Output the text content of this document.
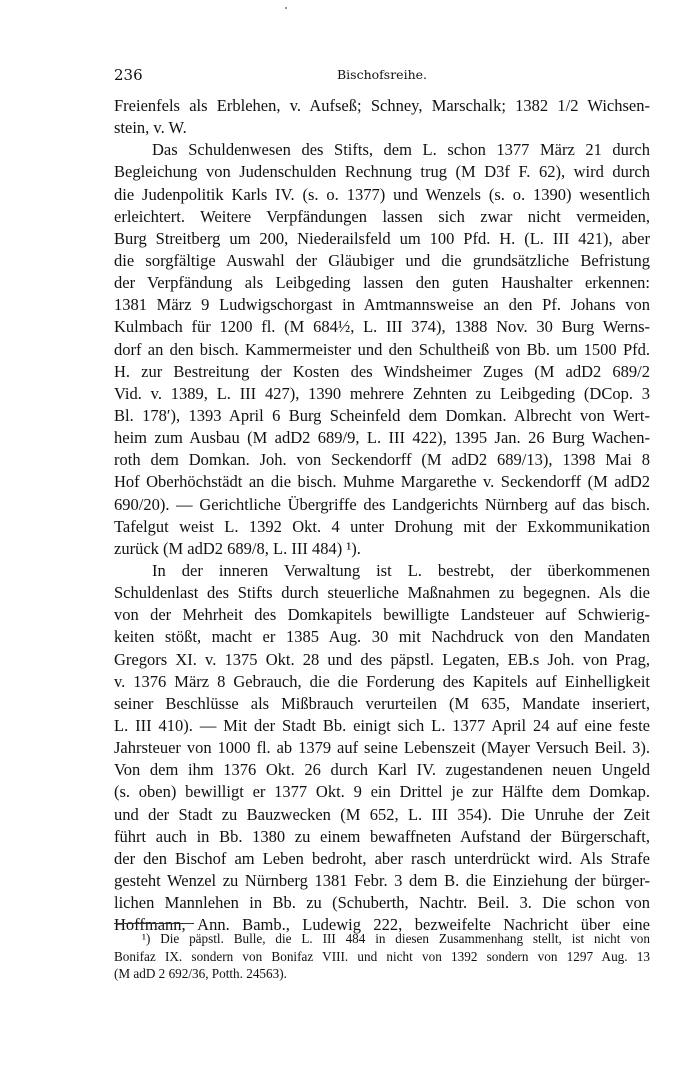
236	Bischofsreihe.
Freienfels als Erblehen, v. Aufseß; Schney, Marschalk; 1382 1/2 Wichsen-
stein, v. W.
Das Schuldenwesen des Stifts, dem L. schon 1377 März 21 durch
Begleichung von Judenschulden Rechnung trug (M D3f F. 62), wird durch
die Judenpolitik Karls IV. (s. o. 1377) und Wenzels (s. o. 1390) wesentlich
erleichtert. Weitere Verpfändungen lassen sich zwar nicht vermeiden,
Burg Streitberg um 200, Niederailsfeld um 100 Pfd. H. (L. III 421), aber
die sorgfältige Auswahl der Gläubiger und die grundsätzliche Befristung
der Verpfändung als Leibgeding lassen den guten Haushalter erkennen:
1381 März 9 Ludwigschorgast in Amtmannsweise an den Pf. Johans von
Kulmbach für 1200 fl. (M 684½, L. III 374), 1388 Nov. 30 Burg Werns-
dorf an den bisch. Kammermeister und den Schultheiß von Bb. um 1500 Pfd.
H. zur Bestreitung der Kosten des Windsheimer Zuges (M adD2 689/2
Vid. v. 1389, L. III 427), 1390 mehrere Zehnten zu Leibgeding (DCop. 3
Bl. 178′), 1393 April 6 Burg Scheinfeld dem Domkan. Albrecht von Wert-
heim zum Ausbau (M adD2 689/9, L. III 422), 1395 Jan. 26 Burg Wachen-
roth dem Domkan. Joh. von Seckendorff (M adD2 689/13), 1398 Mai 8
Hof Oberhöchstädt an die bisch. Muhme Margarethe v. Seckendorff (M adD2
690/20). — Gerichtliche Übergriffe des Landgerichts Nürnberg auf das bisch.
Tafelgut weist L. 1392 Okt. 4 unter Drohung mit der Exkommunikation
zurück (M adD2 689/8, L. III 484) ¹).
In der inneren Verwaltung ist L. bestrebt, der überkommenen
Schuldenlast des Stifts durch steuerliche Maßnahmen zu begegnen. Als die
von der Mehrheit des Domkapitels bewilligte Landsteuer auf Schwierig-
keiten stößt, macht er 1385 Aug. 30 mit Nachdruck von den Mandaten
Gregors XI. v. 1375 Okt. 28 und des päpstl. Legaten, EB.s Joh. von Prag,
v. 1376 März 8 Gebrauch, die die Forderung des Kapitels auf Einhelligkeit
seiner Beschlüsse als Mißbrauch verurteilen (M 635, Mandate inseriert,
L. III 410). — Mit der Stadt Bb. einigt sich L. 1377 April 24 auf eine feste
Jahrsteuer von 1000 fl. ab 1379 auf seine Lebenszeit (Mayer Versuch Beil. 3).
Von dem ihm 1376 Okt. 26 durch Karl IV. zugestandenen neuen Ungeld
(s. oben) bewilligt er 1377 Okt. 9 ein Drittel je zur Hälfte dem Domkap.
und der Stadt zu Bauzwecken (M 652, L. III 354). Die Unruhe der Zeit
führt auch in Bb. 1380 zu einem bewaffneten Aufstand der Bürgerschaft,
der den Bischof am Leben bedroht, aber rasch unterdrückt wird. Als Strafe
gesteht Wenzel zu Nürnberg 1381 Febr. 3 dem B. die Einziehung der bürger-
lichen Mannlehen in Bb. zu (Schuberth, Nachtr. Beil. 3. Die schon von
Hoffmann, Ann. Bamb., Ludewig 222, bezweifelte Nachricht über eine
¹) Die päpstl. Bulle, die L. III 484 in diesen Zusammenhang stellt, ist nicht von
Bonifaz IX. sondern von Bonifaz VIII. und nicht von 1392 sondern von 1297 Aug. 13
(M adD 2 692/36, Potth. 24563).
